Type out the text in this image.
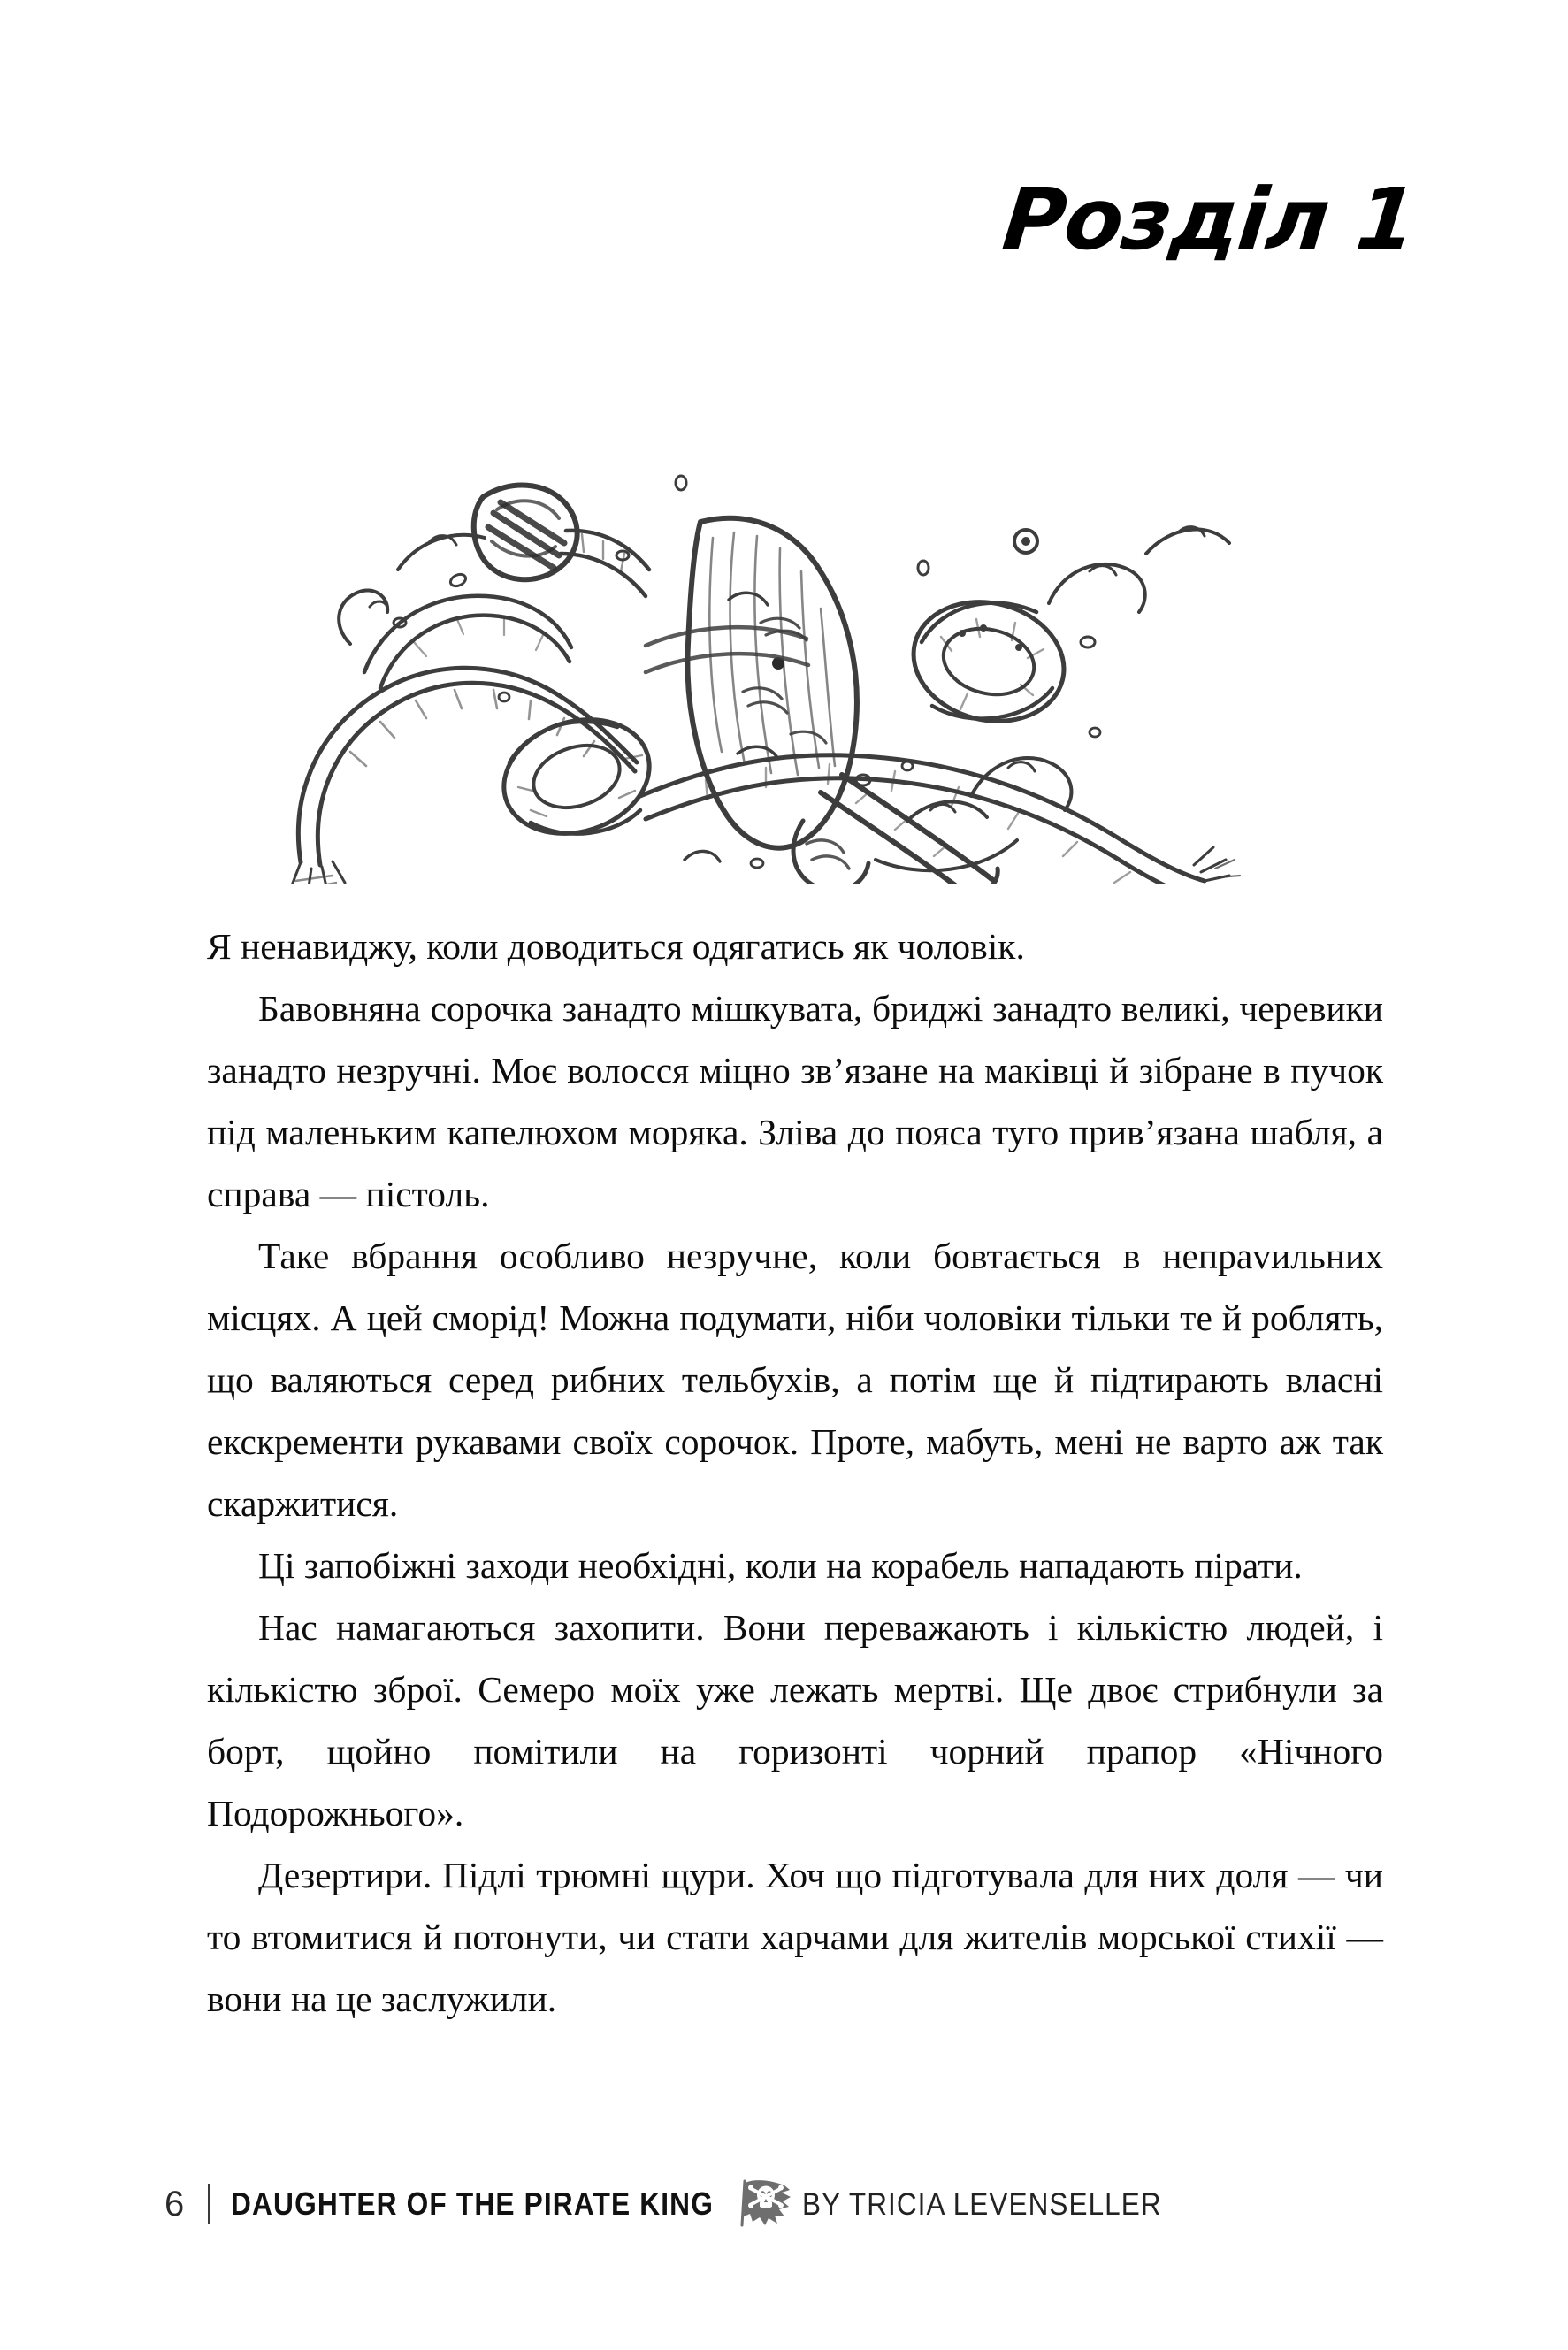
Розділ 1

Я ненавиджу, коли доводиться одягатись як чоловік.

Бавовняна сорочка занадто мішкувата, бриджі занадто великі, черевики занадто незручні. Моє волосся міцно зв’язане на маківці й зібране в пучок під маленьким капелюхом моряка. Зліва до пояса туго прив’язана шабля, а справа — пістоль.

Таке вбрання особливо незручне, коли бовтається в непраvильних місцях. А цей сморід! Можна подумати, ніби чоловіки тільки те й роблять, що валяються серед рибних тельбухів, а потім ще й підтирають власні екскременти рукавами своїх сорочок. Проте, мабуть, мені не варто аж так скаржитися.

Ці запобіжні заходи необхідні, коли на корабель нападають пірати.

Нас намагаються захопити. Вони переважають і кількістю людей, і кількістю зброї. Семеро моїх уже лежать мертві. Ще двоє стрибнули за борт, щойно помітили на горизонті чорний прапор «Нічного Подорожнього».

Дезертири. Підлі трюмні щури. Хоч що підготувала для них доля — чи то втомитися й потонути, чи стати харчами для жителів морської стихії — вони на це заслужили.

6 DAUGHTER OF THE PIRATE KING	BY TRICIA LEVENSELLER
